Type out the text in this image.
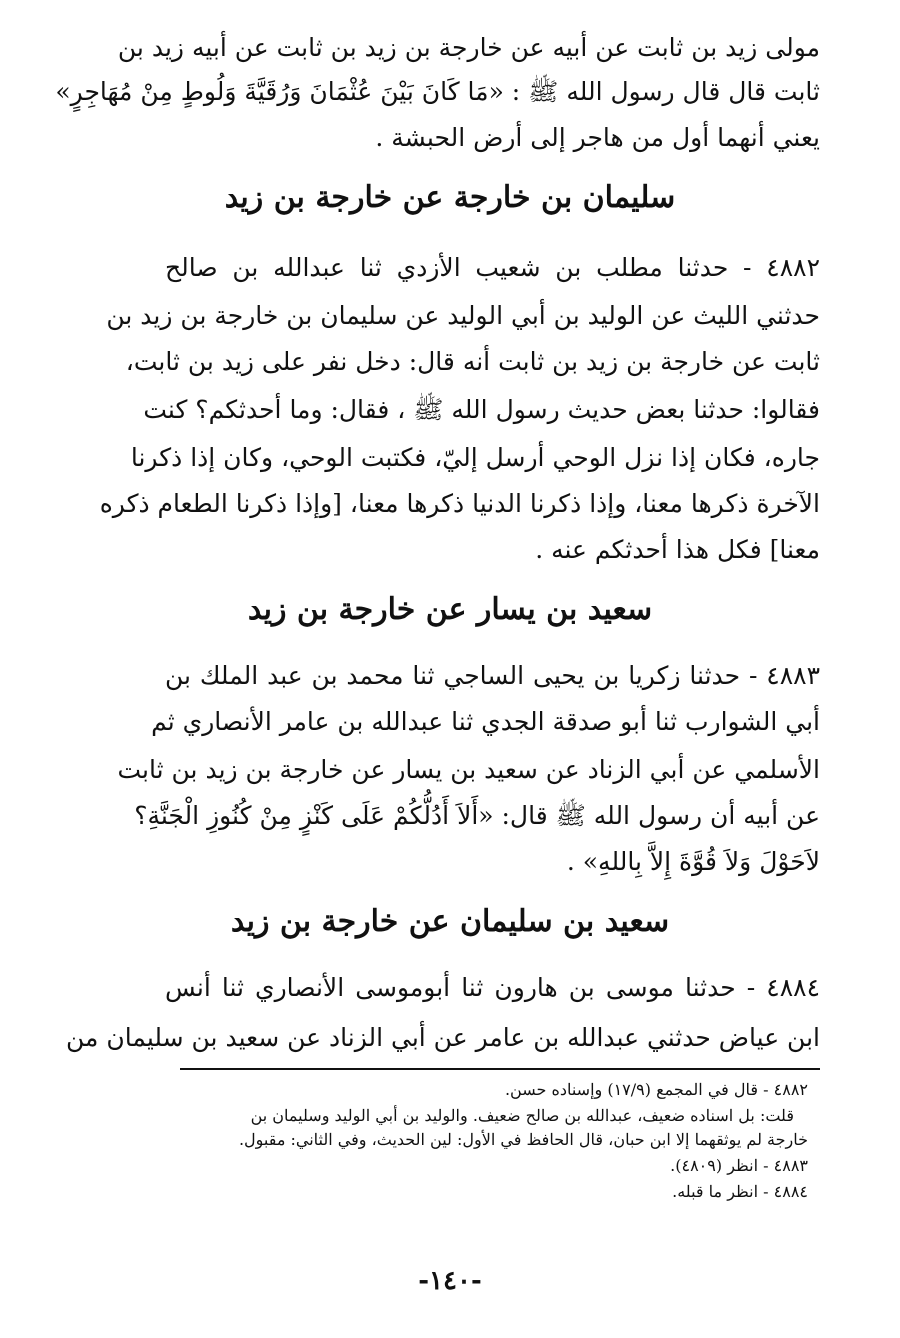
مولى زيد بن ثابت عن أبيه عن خارجة بن زيد بن ثابت عن أبيه زيد بن
ثابت قال قال رسول الله ﷺ : «مَا كَانَ بَيْنَ عُثْمَانَ وَرُقَيَّةَ وَلُوطٍ مِنْ مُهَاجِرٍ»
يعني أنهما أول من هاجر إلى أرض الحبشة .
سليمان بن خارجة عن خارجة بن زيد
٤٨٨٢ - حدثنا مطلب بن شعيب الأزدي ثنا عبدالله بن صالح
حدثني الليث عن الوليد بن أبي الوليد عن سليمان بن خارجة بن زيد بن
ثابت عن خارجة بن زيد بن ثابت أنه قال: دخل نفر على زيد بن ثابت،
فقالوا: حدثنا بعض حديث رسول الله ﷺ ، فقال: وما أحدثكم؟ كنت
جاره، فكان إذا نزل الوحي أرسل إليّ، فكتبت الوحي، وكان إذا ذكرنا
الآخرة ذكرها معنا، وإذا ذكرنا الدنيا ذكرها معنا، [وإذا ذكرنا الطعام ذكره
معنا] فكل هذا أحدثكم عنه .
سعيد بن يسار عن خارجة بن زيد
٤٨٨٣ - حدثنا زكريا بن يحيى الساجي ثنا محمد بن عبد الملك بن
أبي الشوارب ثنا أبو صدقة الجدي ثنا عبدالله بن عامر الأنصاري ثم
الأسلمي عن أبي الزناد عن سعيد بن يسار عن خارجة بن زيد بن ثابت
عن أبيه أن رسول الله ﷺ قال: «أَلاَ أَدُلُّكُمْ عَلَى كَنْزٍ مِنْ كُنُوزِ الْجَنَّةِ؟
لاَحَوْلَ وَلاَ قُوَّةَ إِلاَّ بِاللهِ» .
سعيد بن سليمان عن خارجة بن زيد
٤٨٨٤ - حدثنا موسى بن هارون ثنا أبوموسى الأنصاري ثنا أنس
ابن عياض حدثني عبدالله بن عامر عن أبي الزناد عن سعيد بن سليمان من
٤٨٨٢ - قال في المجمع (١٧/٩) وإسناده حسن.
قلت: بل اسناده ضعيف، عبدالله بن صالح ضعيف. والوليد بن أبي الوليد وسليمان بن
خارجة لم يوثقهما إلا ابن حبان، قال الحافظ في الأول: لين الحديث، وفي الثاني: مقبول.
٤٨٨٣ - انظر (٤٨٠٩).
٤٨٨٤ - انظر ما قبله.
-١٤٠-
